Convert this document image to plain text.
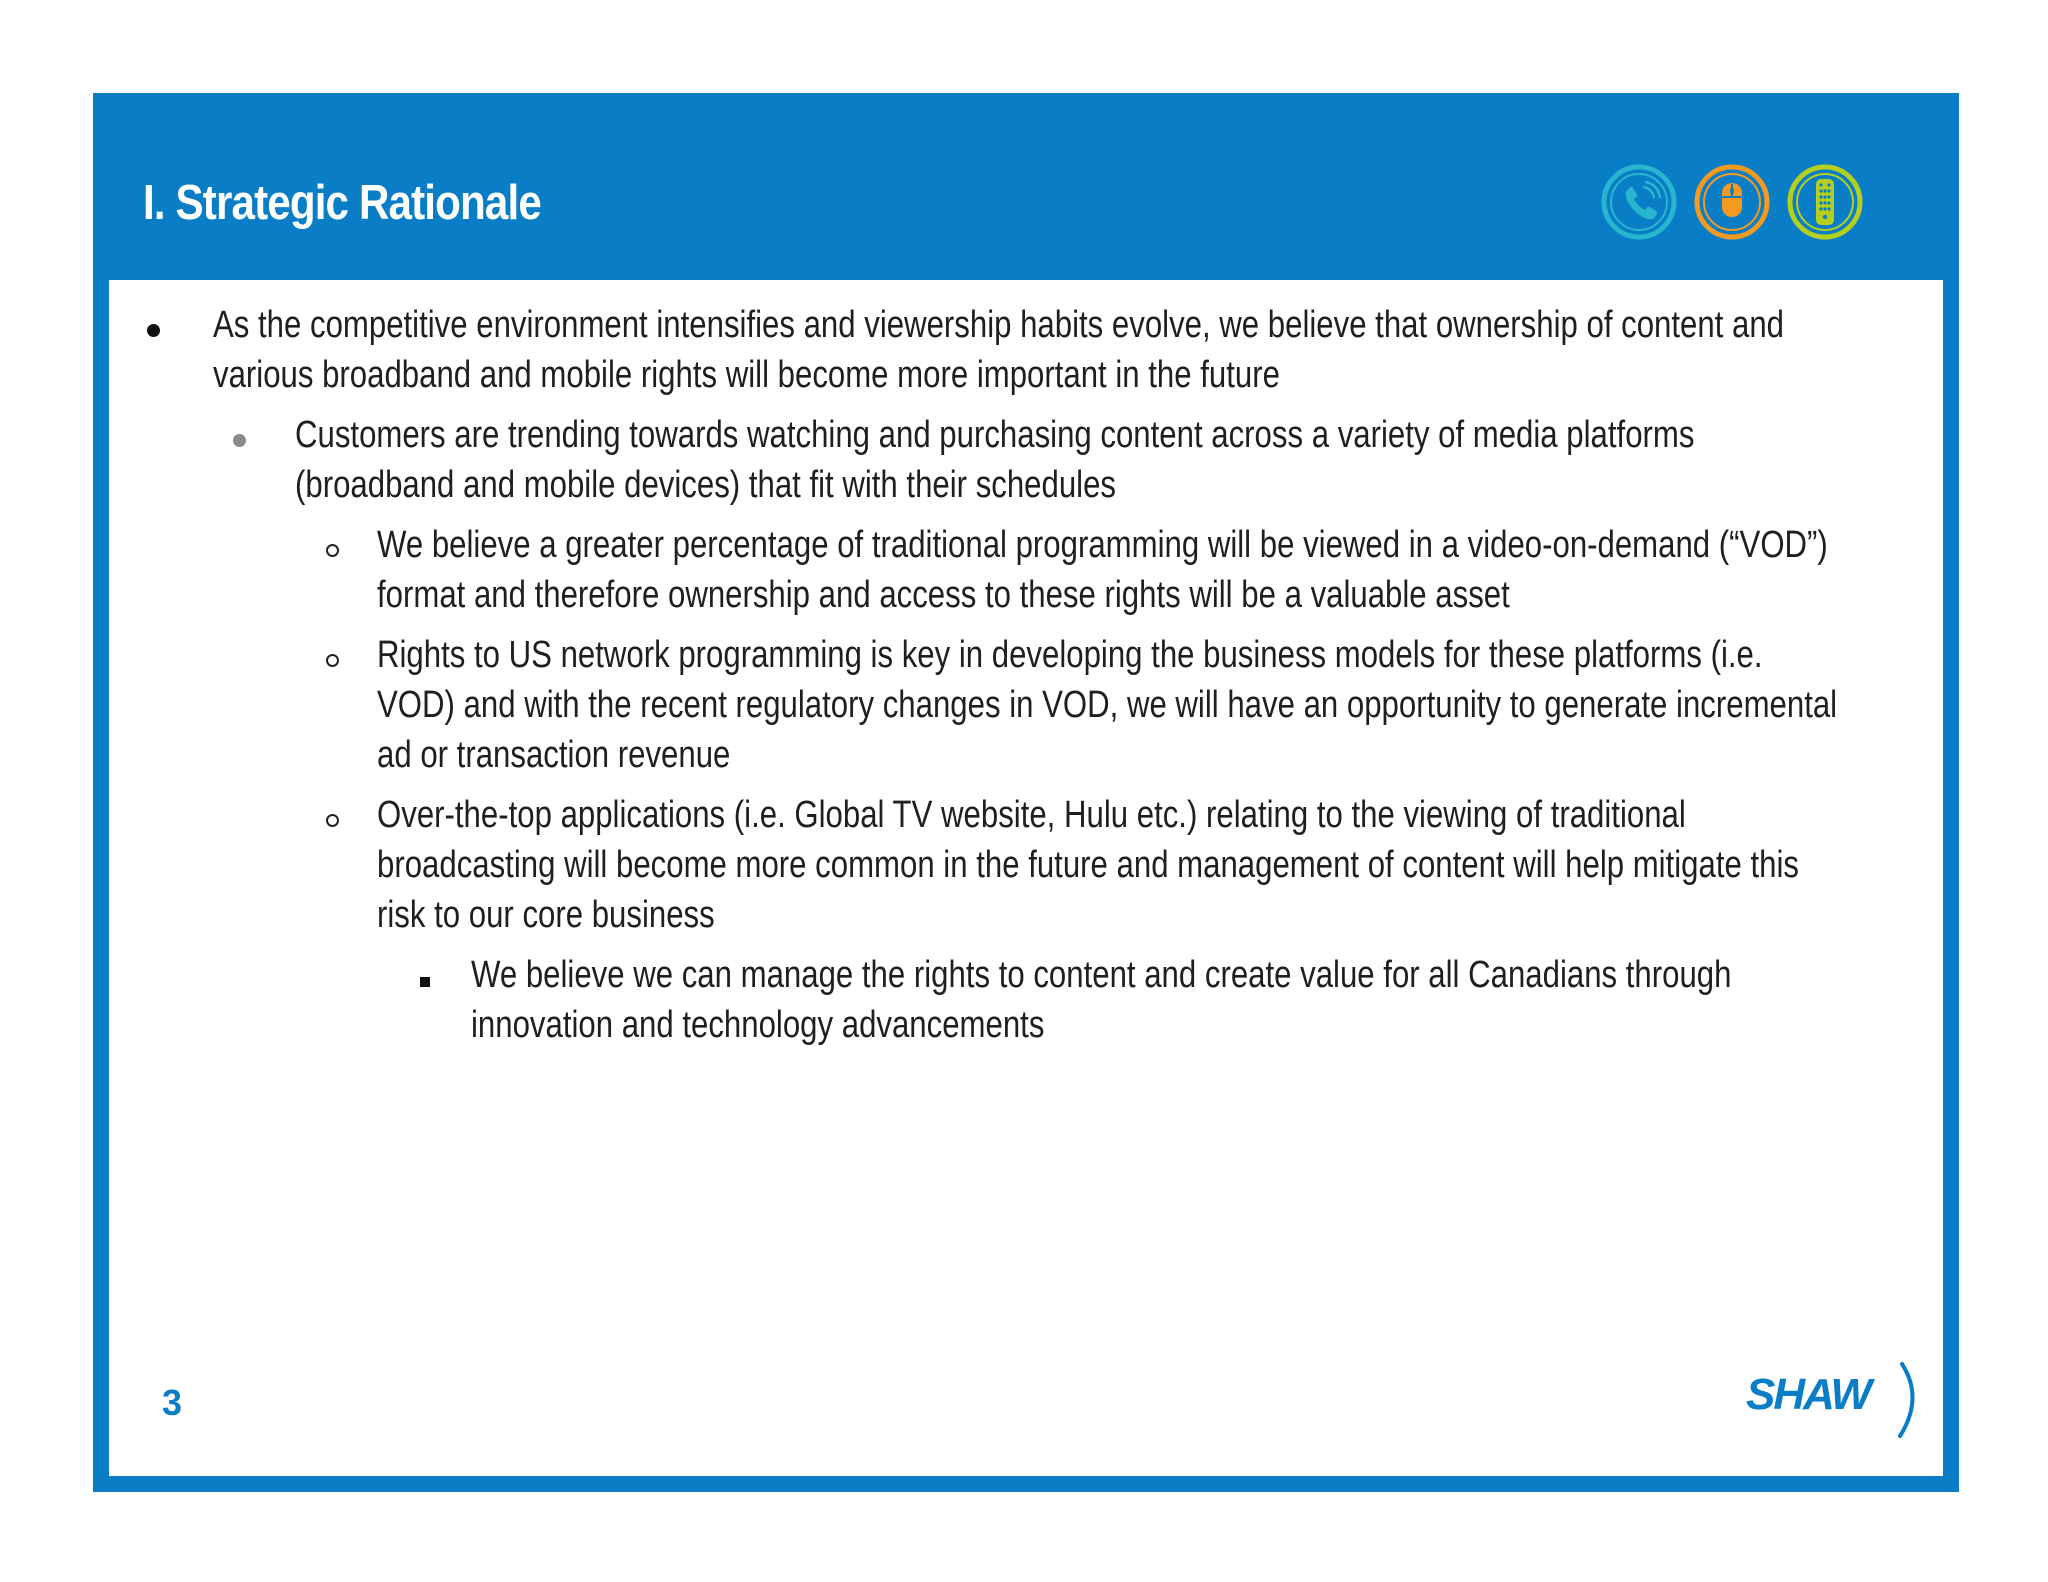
I. Strategic Rationale
As the competitive environment intensifies and viewership habits evolve, we believe that ownership of content and
various broadband and mobile rights will become more important in the future
Customers are trending towards watching and purchasing content across a variety of media platforms
(broadband and mobile devices) that fit with their schedules
We believe a greater percentage of traditional programming will be viewed in a video-on-demand (“VOD”)
format and therefore ownership and access to these rights will be a valuable asset
Rights to US network programming is key in developing the business models for these platforms (i.e.
VOD) and with the recent regulatory changes in VOD, we will have an opportunity to generate incremental
ad or transaction revenue
Over-the-top applications (i.e. Global TV website, Hulu etc.) relating to the viewing of traditional
broadcasting will become more common in the future and management of content will help mitigate this
risk to our core business
We believe we can manage the rights to content and create value for all Canadians through
innovation and technology advancements
3	SHAW
